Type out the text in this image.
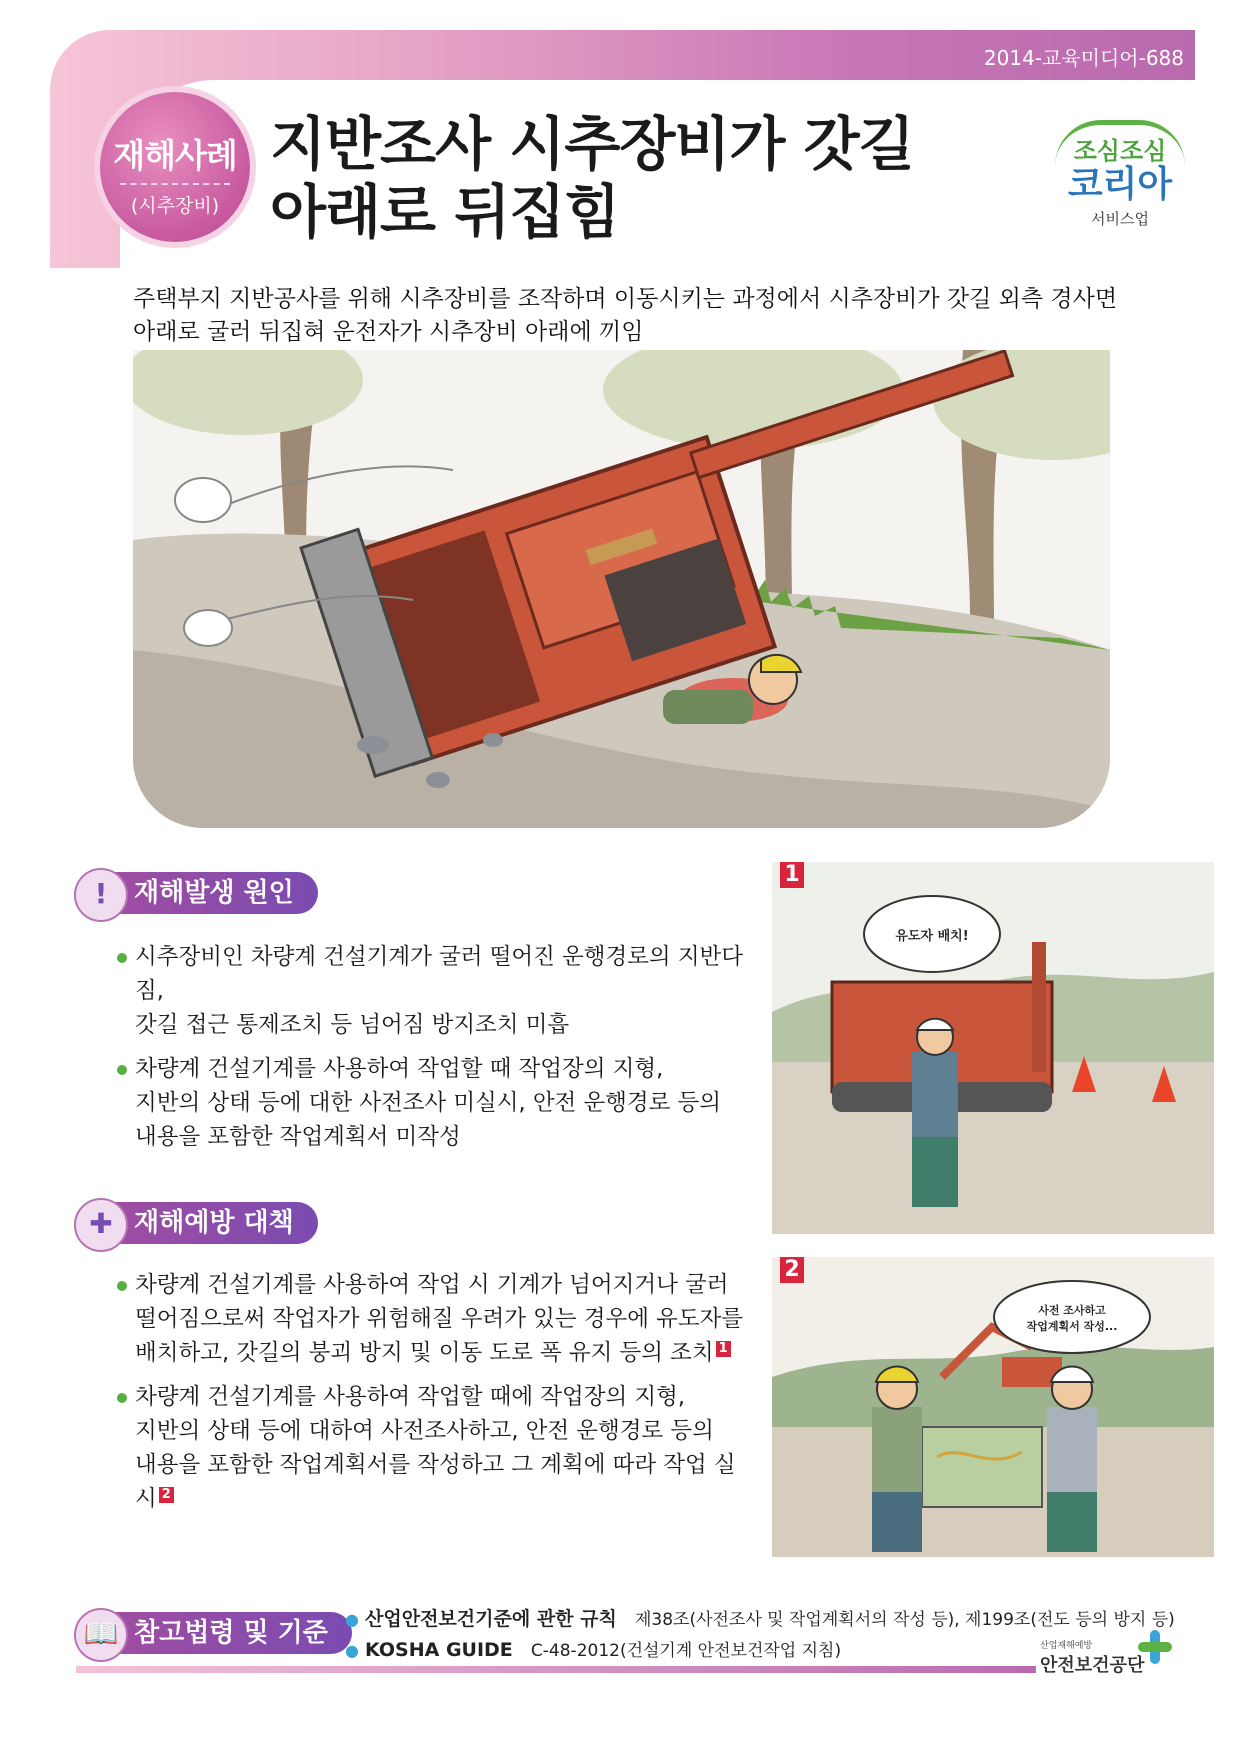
2014-교육미디어-688
재해사례
(시추장비)
지반조사 시추장비가 갓길
아래로 뒤집힘
조심조심
코리아
서비스업
주택부지 지반공사를 위해 시추장비를 조작하며 이동시키는 과정에서 시추장비가 갓길 외측 경사면
아래로 굴러 뒤집혀 운전자가 시추장비 아래에 끼임
!	재해발생 원인
시추장비인 차량계 건설기계가 굴러 떨어진 운행경로의 지반다짐,
갓길 접근 통제조치 등 넘어짐 방지조치 미흡
차량계 건설기계를 사용하여 작업할 때 작업장의 지형,
지반의 상태 등에 대한 사전조사 미실시, 안전 운행경로 등의
내용을 포함한 작업계획서 미작성
✚ 재해예방 대책
차량계 건설기계를 사용하여 작업 시 기계가 넘어지거나 굴러
떨어짐으로써 작업자가 위험해질 우려가 있는 경우에 유도자를
배치하고, 갓길의 붕괴 방지 및 이동 도로 폭 유지 등의 조치 1
차량계 건설기계를 사용하여 작업할 때에 작업장의 지형,
지반의 상태 등에 대하여 사전조사하고, 안전 운행경로 등의
내용을 포함한 작업계획서를 작성하고 그 계획에 따라 작업 실시 2
1
유도자 배치!
2
사전 조사하고
작업계획서 작성...
📖 참고법령 및 기준	● 산업안전보건기준에 관한 규칙 제38조(사전조사 및 작업계획서의 작성 등), 제199조(전도 등의 방지 등)
● KOSHA GUIDE C-48-2012(건설기계 안전보건작업 지침)	산업재해예방
안전보건공단
